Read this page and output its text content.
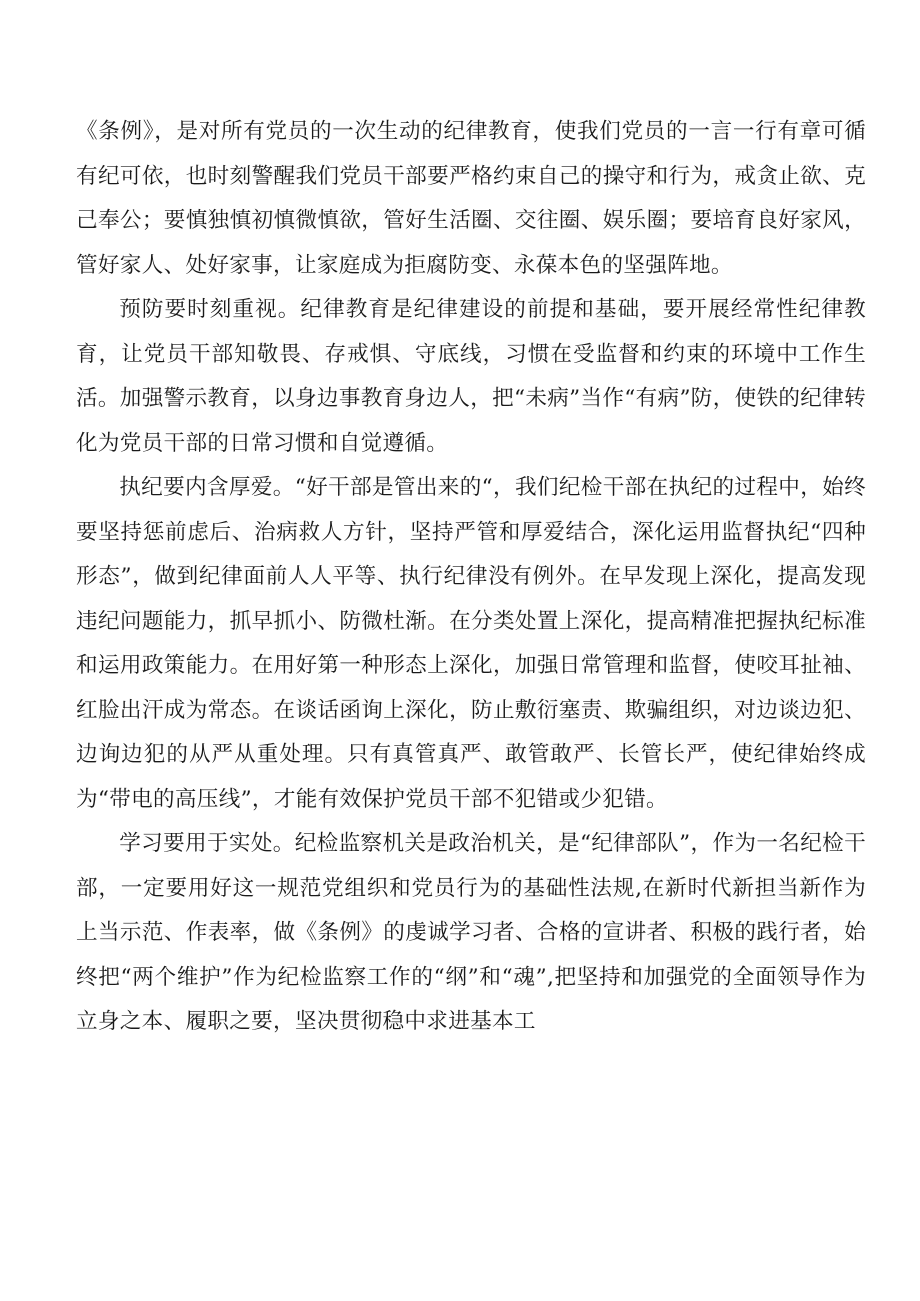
《条例》，是对所有党员的一次生动的纪律教育，使我们党员的一言一行有章可循有纪可依，也时刻警醒我们党员干部要严格约束自己的操守和行为，戒贪止欲、克己奉公；要慎独慎初慎微慎欲，管好生活圈、交往圈、娱乐圈；要培育良好家风，管好家人、处好家事，让家庭成为拒腐防变、永葆本色的坚强阵地。

预防要时刻重视。纪律教育是纪律建设的前提和基础，要开展经常性纪律教育，让党员干部知敬畏、存戒惧、守底线，习惯在受监督和约束的环境中工作生活。加强警示教育，以身边事教育身边人，把“未病”当作“有病”防，使铁的纪律转化为党员干部的日常习惯和自觉遵循。

执纪要内含厚爱。“好干部是管出来的“，我们纪检干部在执纪的过程中，始终要坚持惩前虑后、治病救人方针，坚持严管和厚爱结合，深化运用监督执纪“四种形态”，做到纪律面前人人平等、执行纪律没有例外。在早发现上深化，提高发现违纪问题能力，抓早抓小、防微杜渐。在分类处置上深化，提高精准把握执纪标准和运用政策能力。在用好第一种形态上深化，加强日常管理和监督，使咬耳扯袖、红脸出汗成为常态。在谈话函询上深化，防止敷衍塞责、欺骗组织，对边谈边犯、边询边犯的从严从重处理。只有真管真严、敢管敢严、长管长严，使纪律始终成为“带电的高压线”，才能有效保护党员干部不犯错或少犯错。

学习要用于实处。纪检监察机关是政治机关，是“纪律部队”，作为一名纪检干部，一定要用好这一规范党组织和党员行为的基础性法规,在新时代新担当新作为上当示范、作表率，做《条例》的虔诚学习者、合格的宣讲者、积极的践行者，始终把“两个维护”作为纪检监察工作的“纲”和“魂”,把坚持和加强党的全面领导作为立身之本、履职之要，坚决贯彻稳中求进基本工
